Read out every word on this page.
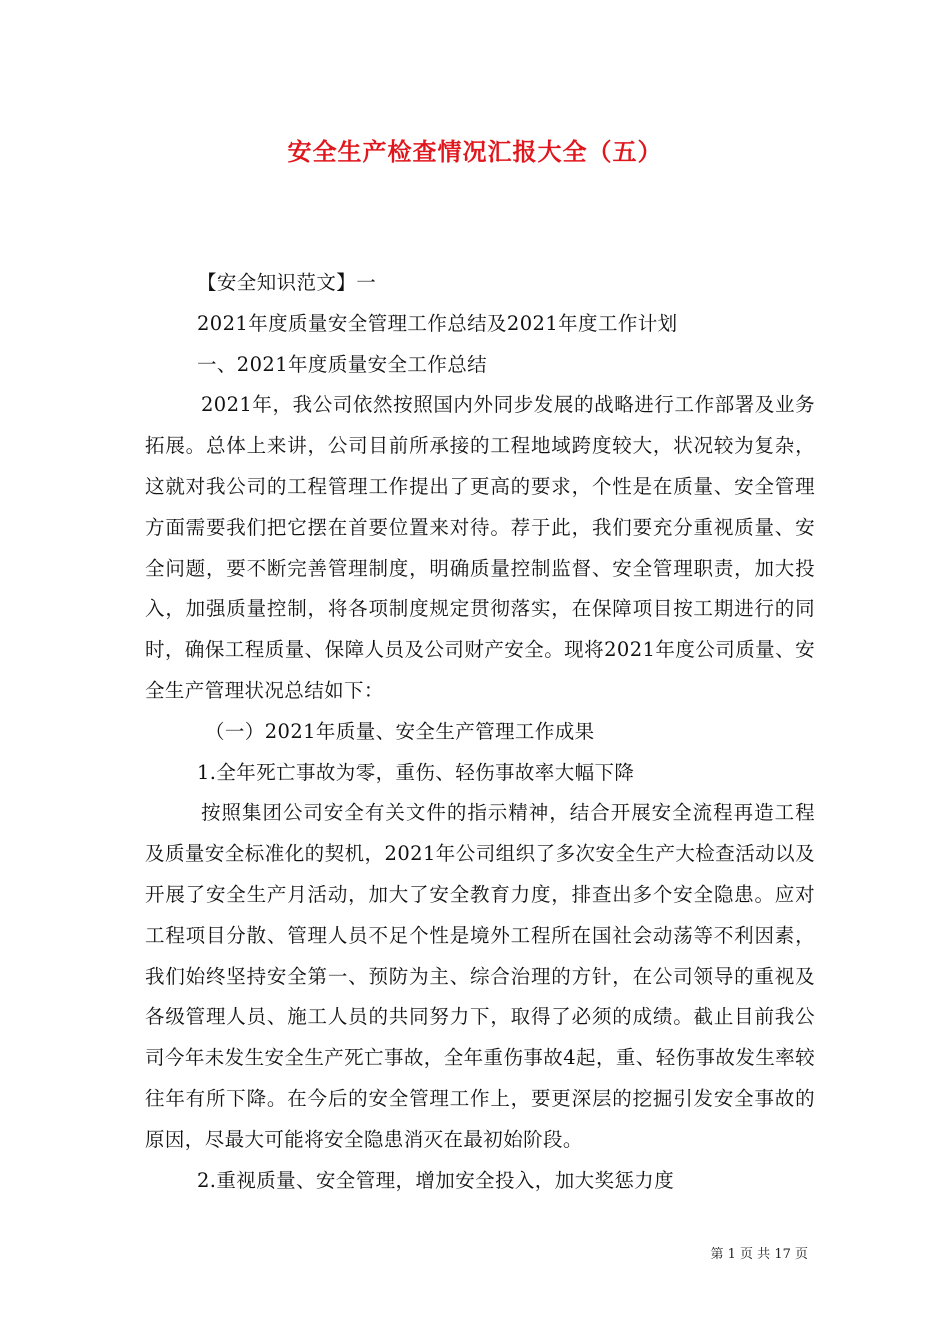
安全生产检查情况汇报大全（五）

【安全知识范文】一

2021年度质量安全管理工作总结及2021年度工作计划

一、2021年度质量安全工作总结

2021年，我公司依然按照国内外同步发展的战略进行工作部署及业务拓展。总体上来讲，公司目前所承接的工程地域跨度较大，状况较为复杂，这就对我公司的工程管理工作提出了更高的要求，个性是在质量、安全管理方面需要我们把它摆在首要位置来对待。荐于此，我们要充分重视质量、安全问题，要不断完善管理制度，明确质量控制监督、安全管理职责，加大投入，加强质量控制，将各项制度规定贯彻落实，在保障项目按工期进行的同时，确保工程质量、保障人员及公司财产安全。现将2021年度公司质量、安全生产管理状况总结如下：

（一）2021年质量、安全生产管理工作成果

1.全年死亡事故为零，重伤、轻伤事故率大幅下降

按照集团公司安全有关文件的指示精神，结合开展安全流程再造工程及质量安全标准化的契机，2021年公司组织了多次安全生产大检查活动以及开展了安全生产月活动，加大了安全教育力度，排查出多个安全隐患。应对工程项目分散、管理人员不足个性是境外工程所在国社会动荡等不利因素，我们始终坚持安全第一、预防为主、综合治理的方针，在公司领导的重视及各级管理人员、施工人员的共同努力下，取得了必须的成绩。截止目前我公司今年未发生安全生产死亡事故，全年重伤事故4起，重、轻伤事故发生率较往年有所下降。在今后的安全管理工作上，要更深层的挖掘引发安全事故的原因，尽最大可能将安全隐患消灭在最初始阶段。

2.重视质量、安全管理，增加安全投入，加大奖惩力度

第 1 页 共 17 页
